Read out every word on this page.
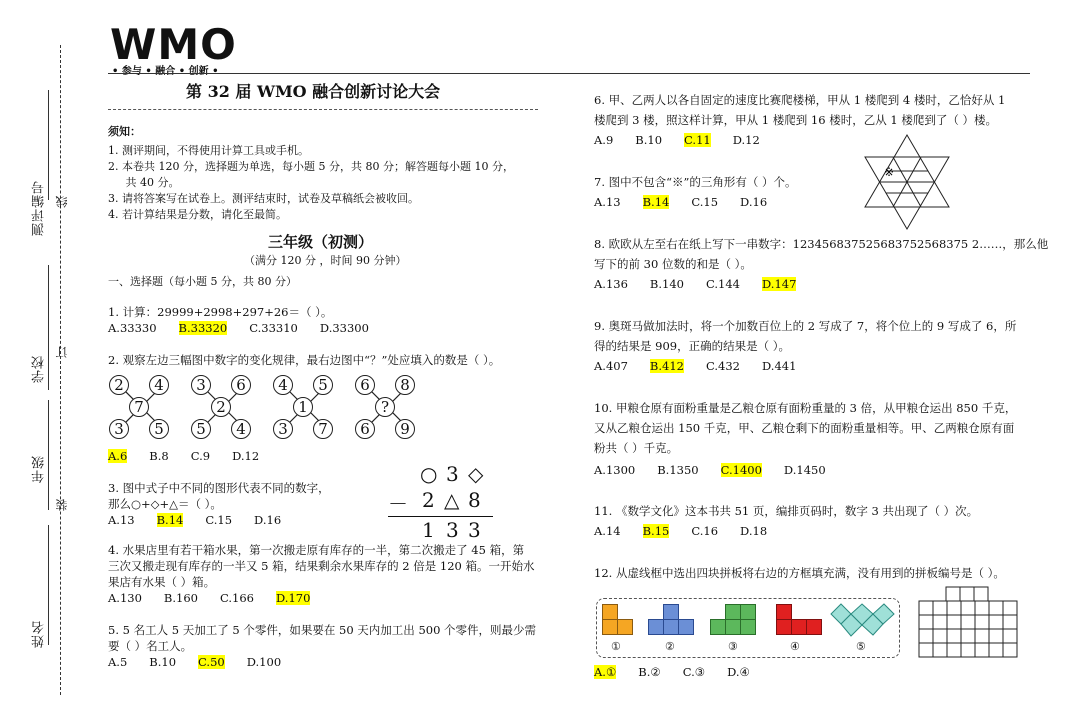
测评编号 线
学校
订
年级
装
姓名
WMO
• 参与 • 融合 • 创新 •
第 32 届 WMO 融合创新讨论大会
须知：
1. 测评期间，不得使用计算工具或手机。
2. 本卷共 120 分，选择题为单选，每小题 5 分，共 80 分；解答题每小题 10 分，
共 40 分。
3. 请将答案写在试卷上。测评结束时，试卷及草稿纸会被收回。
4. 若计算结果是分数，请化至最简。
三年级（初测）
（满分 120 分 ，时间 90 分钟）
一、选择题（每小题 5 分，共 80 分）
1. 计算：29999+2998+297+26＝（ ）。
A.33330 B.33320 C.33310 D.33300
2. 观察左边三幅图中数字的变化规律，最右边图中“？”处应填入的数是（ ）。
2	4
7
3	5
3	6
2
5	4
4	5
1
3	7
6	8
?
6	9
A.6 B.8 C.9 D.12
3. 图中式子中不同的图形代表不同的数字，
那么○+◇+△＝（ ）。
A.13 B.14 C.15 D.16
○ 3 ◇
－ 2 △ 8
1 3 3
4. 水果店里有若干箱水果，第一次搬走原有库存的一半，第二次搬走了 45 箱，第
三次又搬走现有库存的一半又 5 箱，结果剩余水果库存的 2 倍是 120 箱。一开始水
果店有水果（ ）箱。
A.130 B.160 C.166 D.170
5. 5 名工人 5 天加工了 5 个零件，如果要在 50 天内加工出 500 个零件，则最少需
要（ ）名工人。
A.5 B.10 C.50 D.100
6. 甲、乙两人以各自固定的速度比赛爬楼梯，甲从 1 楼爬到 4 楼时，乙恰好从 1
楼爬到 3 楼，照这样计算，甲从 1 楼爬到 16 楼时，乙从 1 楼爬到了（ ）楼。
A.9 B.10 C.11 D.12
7. 图中不包含“※”的三角形有（ ）个。
A.13 B.14 C.15 D.16
※
8. 欧欧从左至右在纸上写下一串数字：123456837525683752568375 2……，那么他
写下的前 30 位数的和是（ ）。
A.136 B.140 C.144 D.147
9. 奥斑马做加法时，将一个加数百位上的 2 写成了 7，将个位上的 9 写成了 6，所
得的结果是 909，正确的结果是（ ）。
A.407 B.412 C.432 D.441
10. 甲粮仓原有面粉重量是乙粮仓原有面粉重量的 3 倍，从甲粮仓运出 850 千克，
又从乙粮仓运出 150 千克，甲、乙粮仓剩下的面粉重量相等。甲、乙两粮仓原有面
粉共（ ）千克。
A.1300 B.1350 C.1400 D.1450
11. 《数学文化》这本书共 51 页，编排页码时，数字 3 共出现了（ ）次。
A.14 B.15 C.16 D.18
12. 从虚线框中选出四块拼板将右边的方框填充满，没有用到的拼板编号是（ ）。
①	②	③	④	⑤
A.① B.② C.③ D.④
